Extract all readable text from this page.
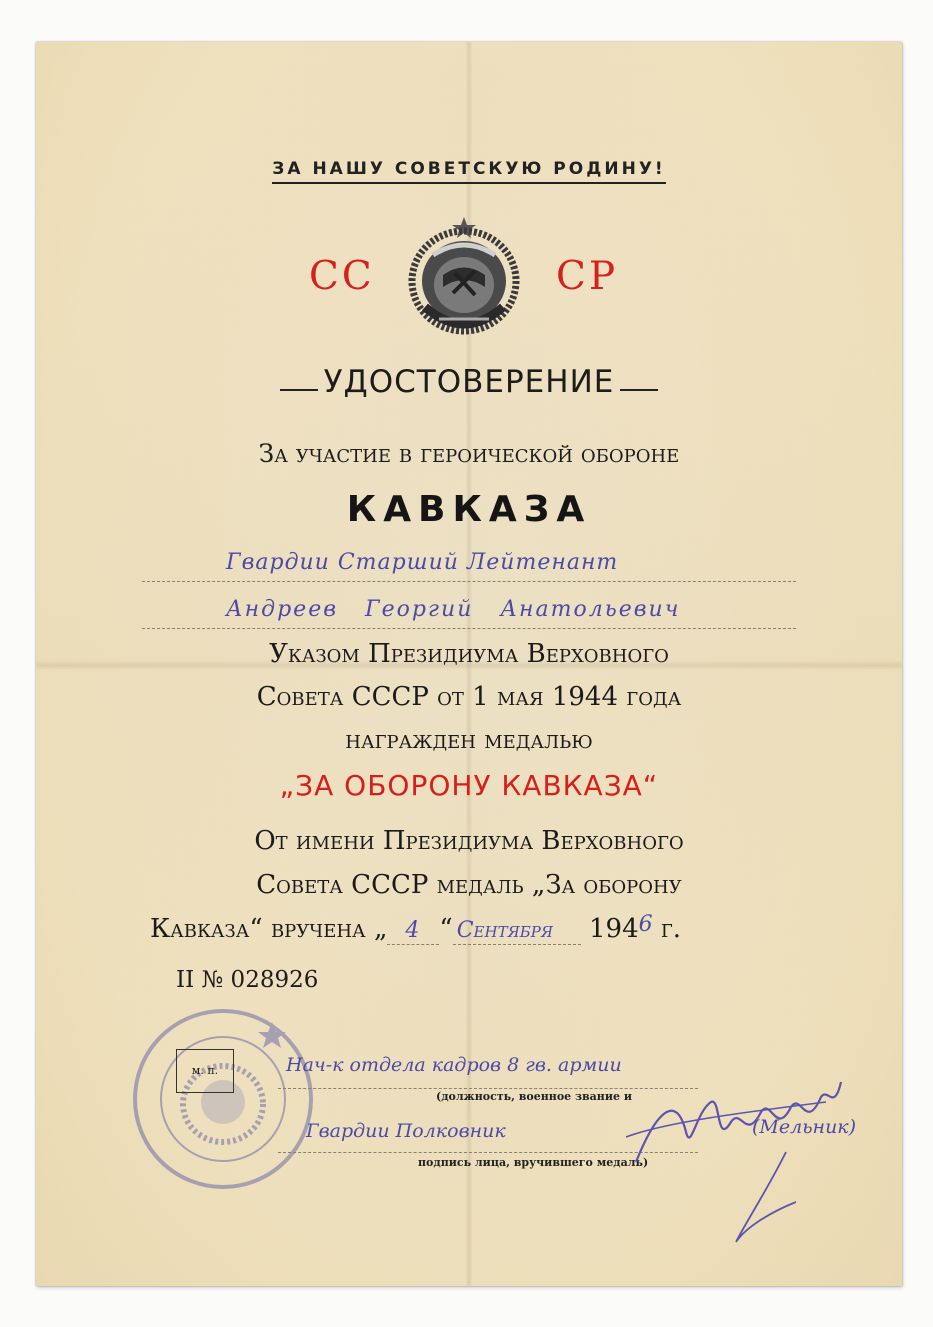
ЗА НАШУ СОВЕТСКУЮ РОДИНУ!
СС	СР
УДОСТОВЕРЕНИЕ
За участие в героической обороне
КАВКАЗА
Гвардии Старший Лейтенант
Андреев   Георгий   Анатольевич
Указом Президиума Верховного
Совета СССР от 1 мая 1944 года
награжден медалью
„ЗА ОБОРОНУ КАВКАЗА“
От имени Президиума Верховного
Совета СССР медаль „За оборону
Кавказа“ вручена „ 4 “ Сентября $194^6$ г.
II № 028926
м. п.	Нач-к отдела кадров 8 гв. армии
(должность, военное звание и
Гвардии Полковник	(Мельник)
подпись лица, вручившего медаль)
